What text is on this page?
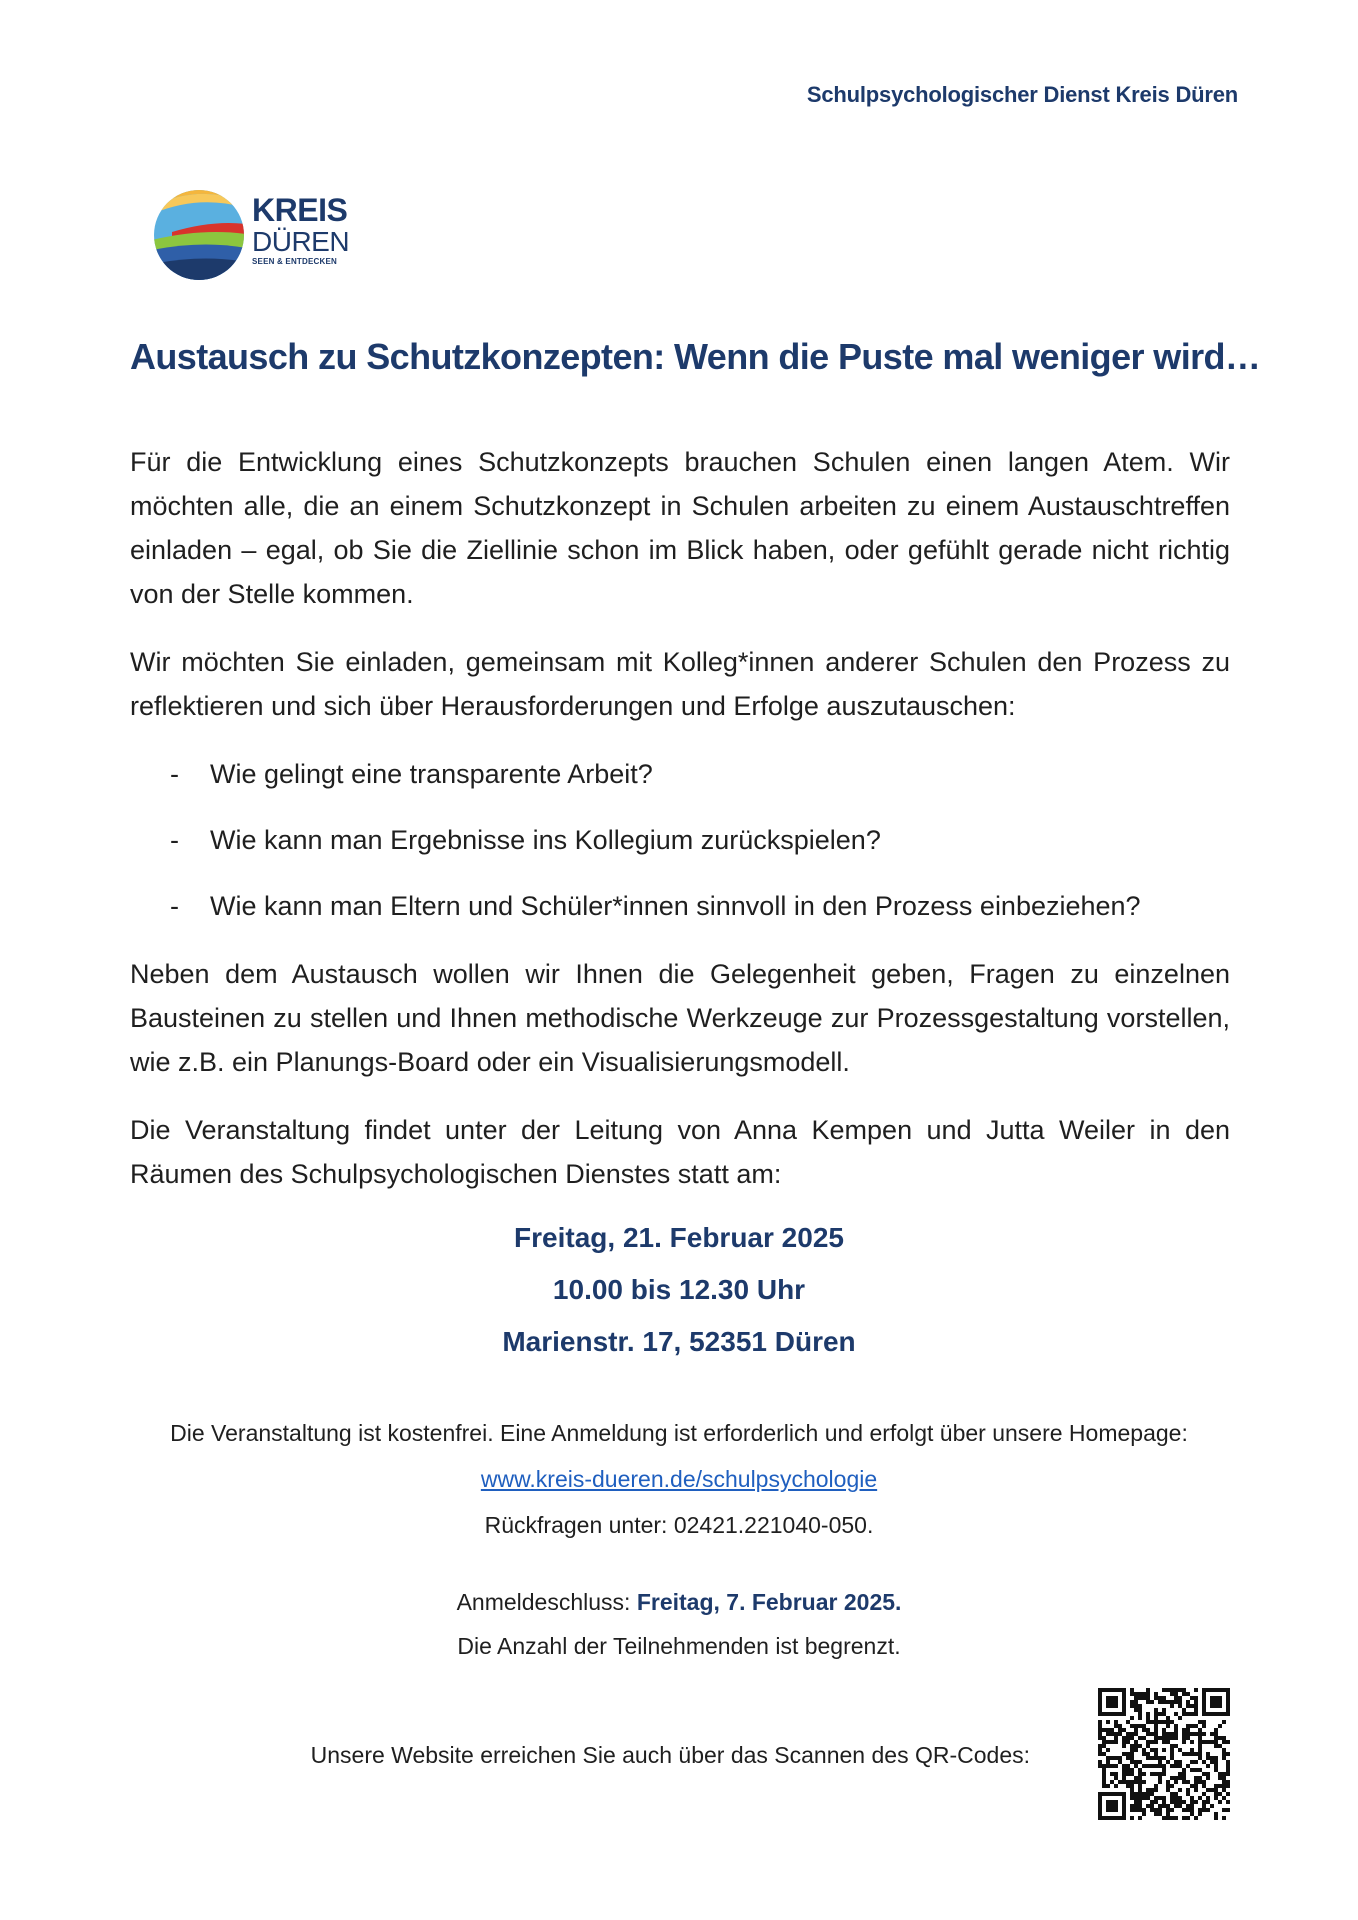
Schulpsychologischer Dienst Kreis Düren
KREIS
DÜREN
SEEN & ENTDECKEN
Austausch zu Schutzkonzepten: Wenn die Puste mal weniger wird…

Für die Entwicklung eines Schutzkonzepts brauchen Schulen einen langen Atem. Wir möchten alle, die an einem Schutzkonzept in Schulen arbeiten zu einem Austauschtreffen einladen – egal, ob Sie die Ziellinie schon im Blick haben, oder gefühlt gerade nicht richtig von der Stelle kommen.

Wir möchten Sie einladen, gemeinsam mit Kolleg*innen anderer Schulen den Prozess zu reflektieren und sich über Herausforderungen und Erfolge auszutauschen:

- Wie gelingt eine transparente Arbeit?
- Wie kann man Ergebnisse ins Kollegium zurückspielen?
- Wie kann man Eltern und Schüler*innen sinnvoll in den Prozess einbeziehen?

Neben dem Austausch wollen wir Ihnen die Gelegenheit geben, Fragen zu einzelnen Bausteinen zu stellen und Ihnen methodische Werkzeuge zur Prozessgestaltung vorstellen, wie z.B. ein Planungs-Board oder ein Visualisierungsmodell.

Die Veranstaltung findet unter der Leitung von Anna Kempen und Jutta Weiler in den Räumen des Schulpsychologischen Dienstes statt am:

Freitag, 21. Februar 2025
10.00 bis 12.30 Uhr
Marienstr. 17, 52351 Düren
Die Veranstaltung ist kostenfrei. Eine Anmeldung ist erforderlich und erfolgt über unsere Homepage:
www.kreis-dueren.de/schulpsychologie
Rückfragen unter: 02421.221040-050.
Anmeldeschluss: Freitag, 7. Februar 2025.
Die Anzahl der Teilnehmenden ist begrenzt.
Unsere Website erreichen Sie auch über das Scannen des QR-Codes:
